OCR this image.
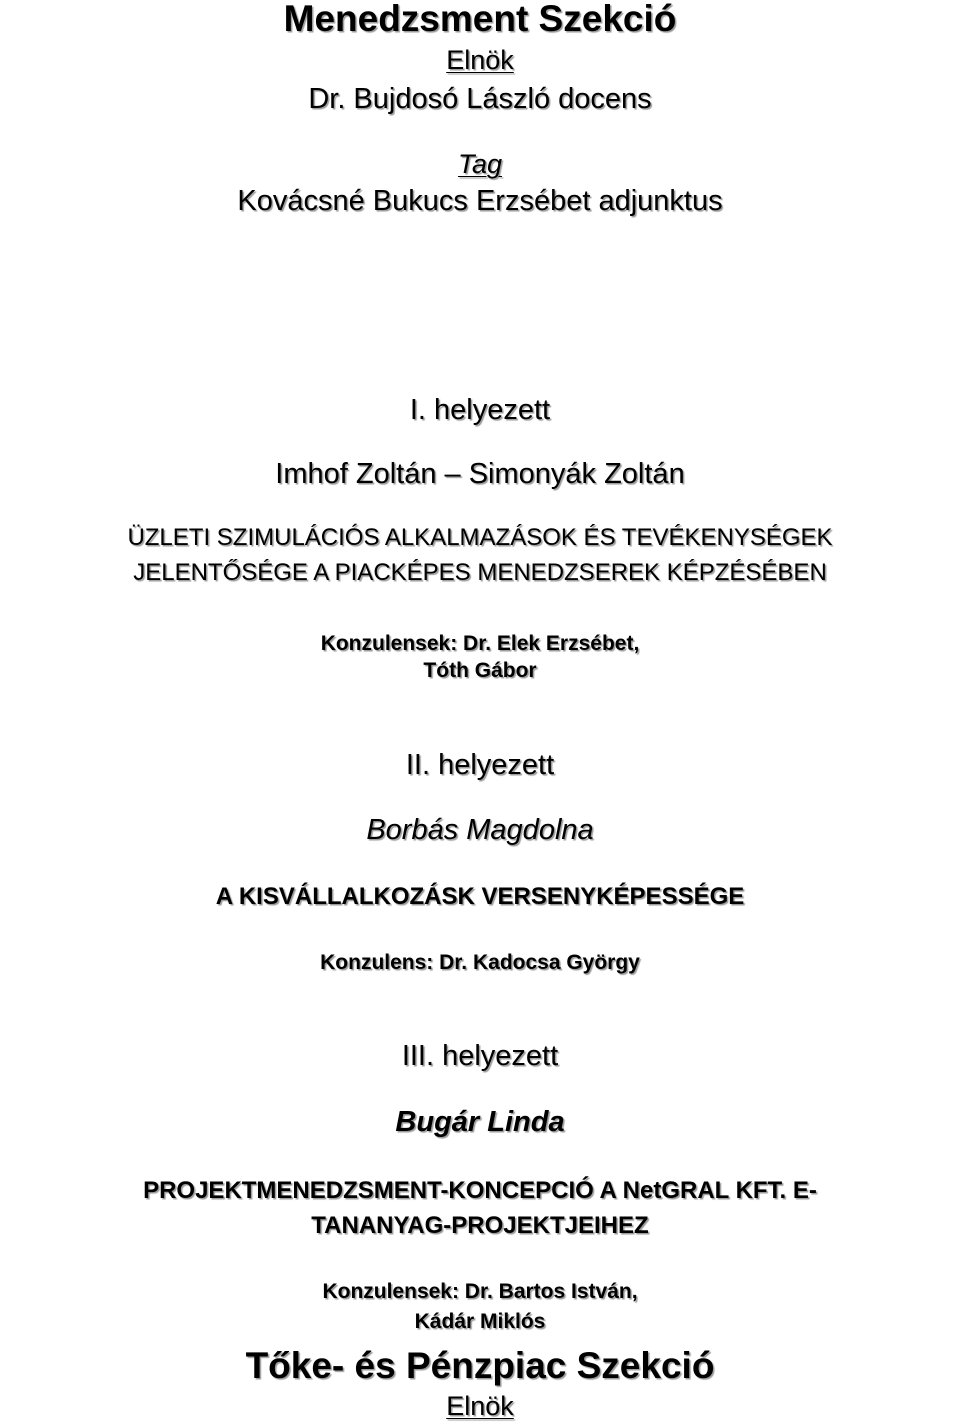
Menedzsment Szekció
Elnök
Dr. Bujdosó László docens
Tag
Kovácsné Bukucs Erzsébet adjunktus
I. helyezett
Imhof Zoltán – Simonyák Zoltán
ÜZLETI SZIMULÁCIÓS ALKALMAZÁSOK ÉS TEVÉKENYSÉGEK
JELENTŐSÉGE A PIACKÉPES MENEDZSEREK KÉPZÉSÉBEN
Konzulensek: Dr. Elek Erzsébet,
Tóth Gábor
II. helyezett
Borbás Magdolna
A KISVÁLLALKOZÁSK VERSENYKÉPESSÉGE
Konzulens: Dr. Kadocsa György
III. helyezett
Bugár Linda
PROJEKTMENEDZSMENT-KONCEPCIÓ A NetGRAL KFT. E-
TANANYAG-PROJEKTJEIHEZ
Konzulensek: Dr. Bartos István,
Kádár Miklós
Tőke- és Pénzpiac Szekció
Elnök
